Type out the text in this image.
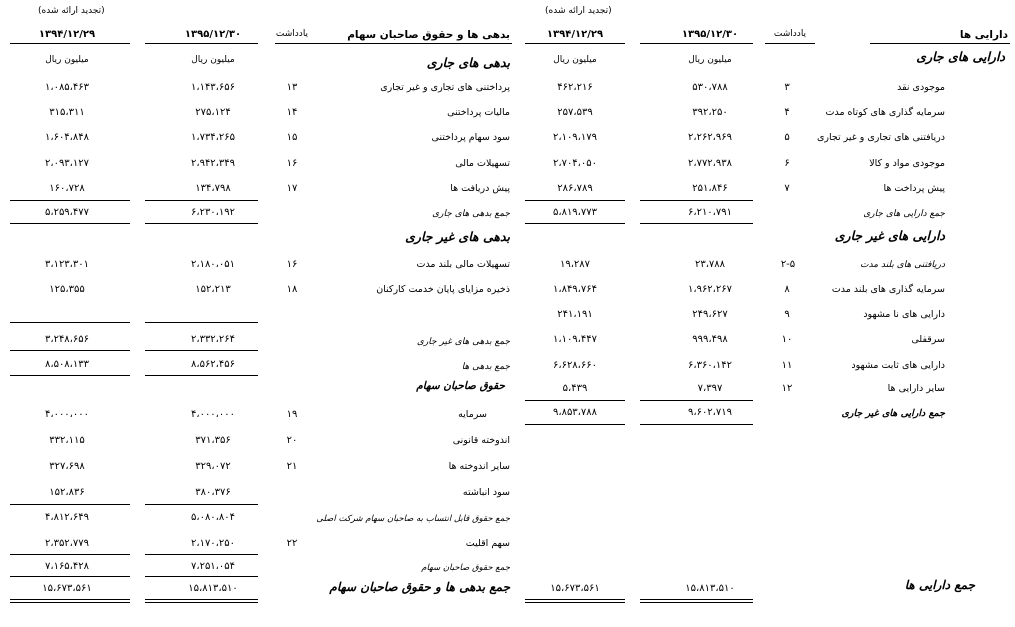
(تجدید ارائه شده)
بدهی ها و حقوق صاحبان سهام
یادداشت
۱۳۹۵/۱۲/۳۰
۱۳۹۴/۱۲/۲۹
میلیون ریال
میلیون ریال	بدهی های جاری
پرداختنی های تجاری و غیر تجاری
۱۳
۱،۱۴۳،۶۵۶
۱،۰۸۵،۴۶۳
مالیات پرداختنی
۱۴
۲۷۵،۱۲۴
۳۱۵،۳۱۱
سود سهام پرداختنی
۱۵
۱،۷۳۴،۲۶۵
۱،۶۰۴،۸۴۸
تسهیلات مالی
۱۶
۲،۹۴۲،۳۴۹
۲،۰۹۳،۱۲۷
پیش دریافت ها
۱۷
۱۳۴،۷۹۸
۱۶۰،۷۲۸
جمع بدهی های جاری
۶،۲۳۰،۱۹۲
۵،۲۵۹،۴۷۷
بدهی های غیر جاری
تسهیلات مالی بلند مدت
۱۶
۲،۱۸۰،۰۵۱
۳،۱۲۳،۳۰۱
ذخیره مزایای پایان خدمت کارکنان
۱۸
۱۵۲،۲۱۳
۱۲۵،۳۵۵
جمع بدهی های غیر جاری
۲،۳۳۲،۲۶۴
۳،۲۴۸،۶۵۶
جمع بدهی ها
۸،۵۶۲،۴۵۶
۸،۵۰۸،۱۳۳
حقوق صاحبان سهام
سرمایه
۱۹
۴،۰۰۰،۰۰۰
۴،۰۰۰،۰۰۰
اندوخته قانونی
۲۰
۳۷۱،۳۵۶
۳۳۲،۱۱۵
سایر اندوخته ها
۲۱
۳۲۹،۰۷۲
۳۲۷،۶۹۸
سود انباشته
۳۸۰،۳۷۶
۱۵۲،۸۳۶
جمع حقوق قابل انتساب به صاحبان سهام شرکت اصلی
۵،۰۸۰،۸۰۴
۴،۸۱۲،۶۴۹
سهم اقلیت
۲۲
۲،۱۷۰،۲۵۰
۲،۳۵۲،۷۷۹
جمع حقوق صاحبان سهام
۷،۲۵۱،۰۵۴
۷،۱۶۵،۴۲۸
جمع بدهی ها و حقوق صاحبان سهام
۱۵،۸۱۳،۵۱۰
۱۵،۶۷۳،۵۶۱
(تجدید ارائه شده)
دارایی ها
یادداشت
۱۳۹۵/۱۲/۳۰
۱۳۹۴/۱۲/۲۹
میلیون ریال
میلیون ریال	دارایی های جاری
موجودی نقد
۳
۵۳۰،۷۸۸
۴۶۲،۲۱۶
سرمایه گذاری های کوتاه مدت
۴
۳۹۲،۲۵۰
۲۵۷،۵۳۹
دریافتنی های تجاری و غیر تجاری
۵
۲،۲۶۲،۹۶۹
۲،۱۰۹،۱۷۹
موجودی مواد و کالا
۶
۲،۷۷۲،۹۳۸
۲،۷۰۴،۰۵۰
پیش پرداخت ها
۷
۲۵۱،۸۴۶
۲۸۶،۷۸۹
جمع دارایی های جاری
۶،۲۱۰،۷۹۱
۵،۸۱۹،۷۷۳
دارایی های غیر جاری
دریافتنی های بلند مدت
۲-۵
۲۳،۷۸۸
۱۹،۲۸۷
سرمایه گذاری های بلند مدت
۸
۱،۹۶۲،۲۶۷
۱،۸۴۹،۷۶۴
دارایی های نا مشهود
۹
۲۴۹،۶۲۷
۲۴۱،۱۹۱
سرقفلی
۱۰
۹۹۹،۴۹۸
۱،۱۰۹،۴۴۷
دارایی های ثابت مشهود
۱۱
۶،۳۶۰،۱۴۲
۶،۶۲۸،۶۶۰
سایر دارایی ها
۱۲
۷،۳۹۷
۵،۴۳۹
جمع دارایی های غیر جاری
۹،۶۰۲،۷۱۹
۹،۸۵۳،۷۸۸
جمع دارایی ها
۱۵،۸۱۳،۵۱۰
۱۵،۶۷۳،۵۶۱
